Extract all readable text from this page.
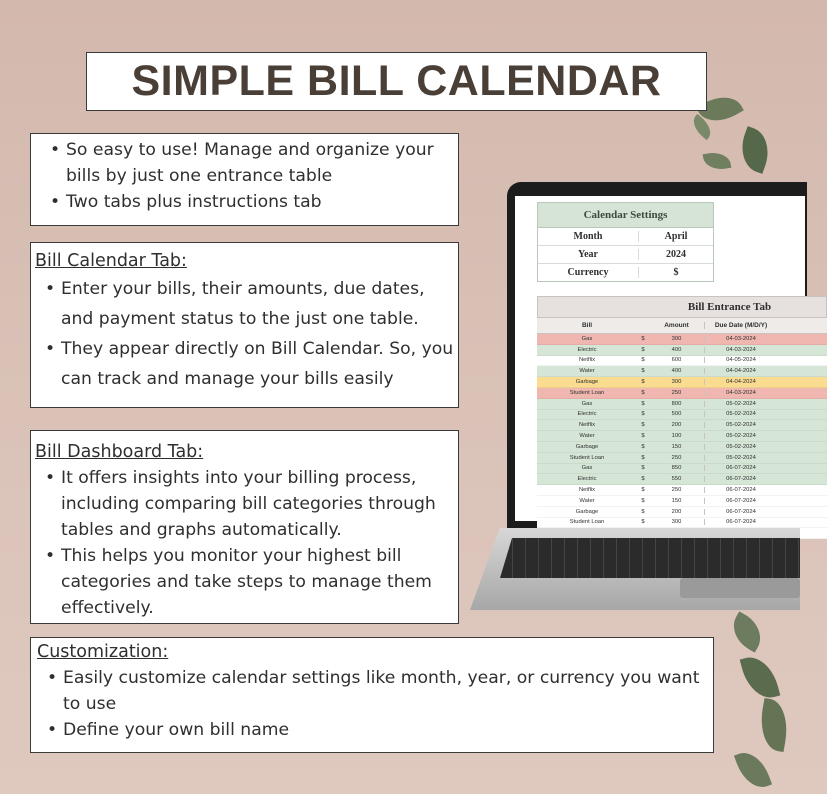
SIMPLE BILL CALENDAR
• So easy to use! Manage and organize your bills by just one entrance table
• Two tabs plus instructions tab
Bill Calendar Tab:
• Enter your bills, their amounts, due dates, and payment status to the just one table.
• They appear directly on Bill Calendar. So, you can track and manage your bills easily
Bill Dashboard Tab:
• It offers insights into your billing process, including comparing bill categories through tables and graphs automatically.
• This helps you monitor your highest bill categories and take steps to manage them effectively.
Customization:
• Easily customize calendar settings like month, year, or currency you want to use
• Define your own bill name
Calendar Settings
Month	April
Year	2024
Currency	$
Bill Entrance Tab
Bill	Amount	Due Date (M/D/Y)
Gas	$	300	04-03-2024
Electric	$	400	04-03-2024
Netflix	$	600	04-05-2024
Water	$	400	04-04-2024
Garbage	$	300	04-04-2024
Student Loan	$	250	04-03-2024
Gas	$	800	05-02-2024
Electric	$	500	05-02-2024
Netflix	$	200	05-02-2024
Water	$	100	05-02-2024
Garbage	$	150	05-02-2024
Student Loan	$	250	05-02-2024
Gas	$	850	06-07-2024
Electric	$	550	06-07-2024
Netflix	$	250	06-07-2024
Water	$	150	06-07-2024
Garbage	$	200	06-07-2024
Student Loan	$	300	06-07-2024
